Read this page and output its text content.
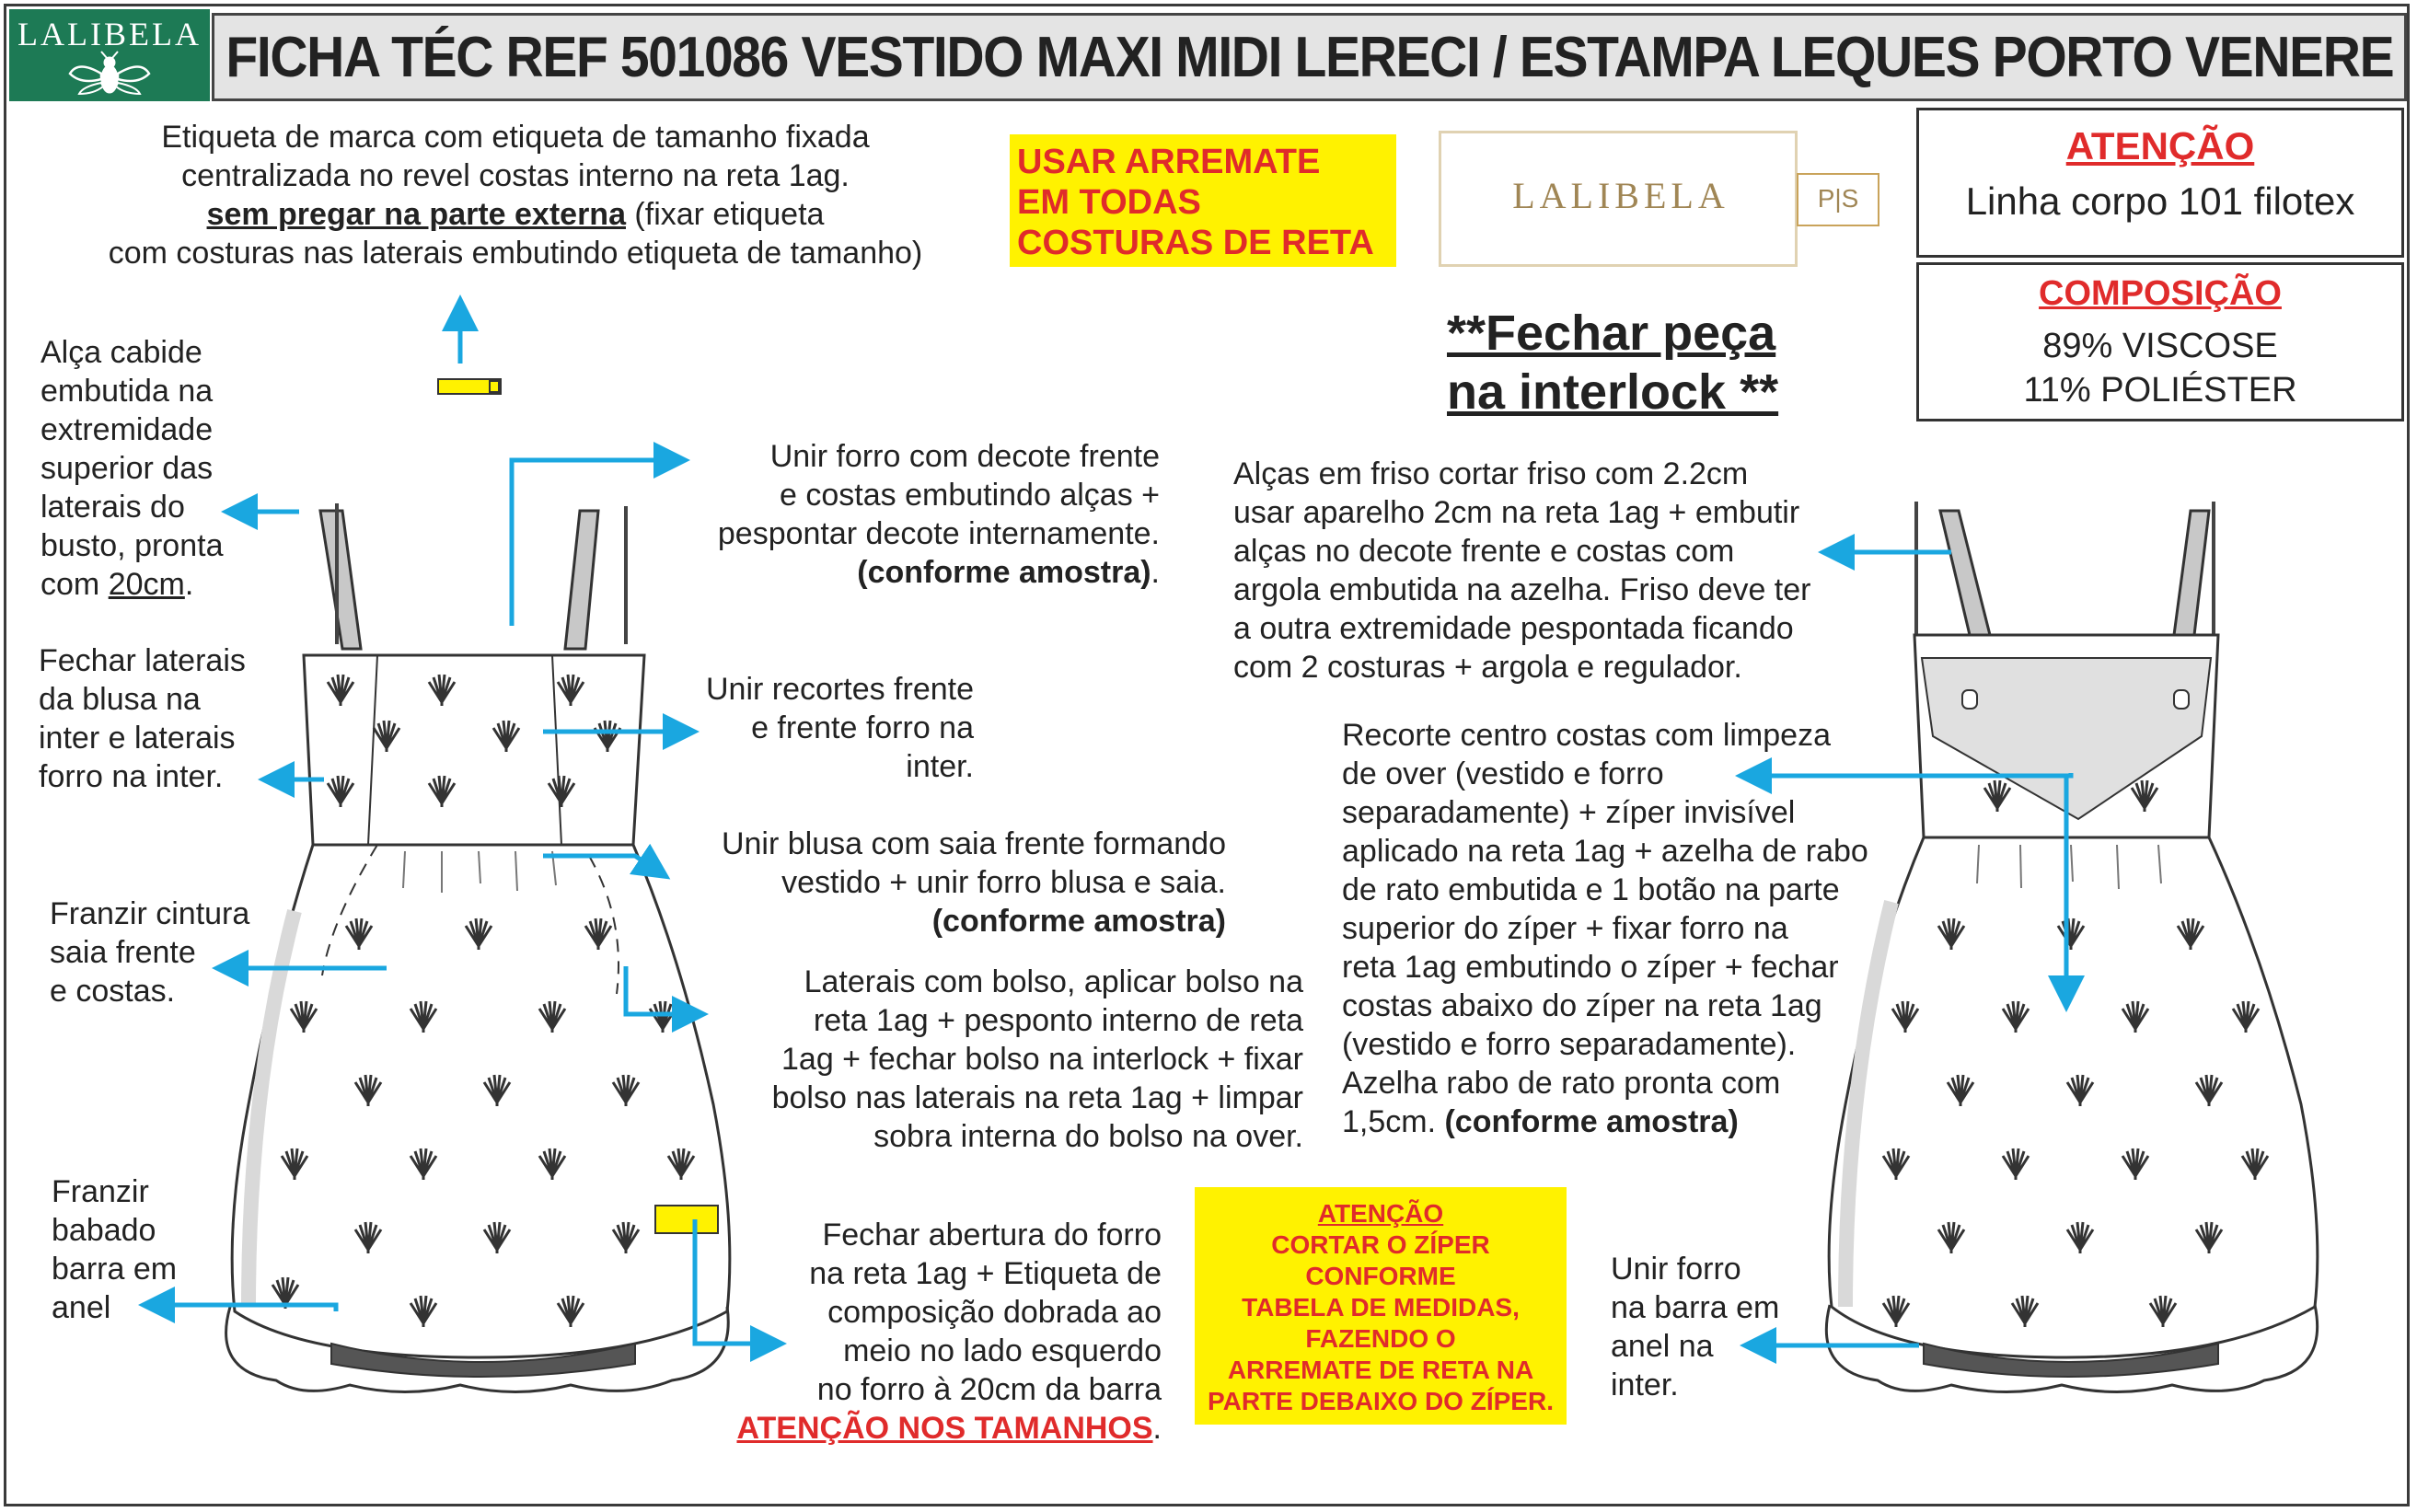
LALIBELA FICHA TÉC REF 501086 VESTIDO MAXI MIDI LERECI / ESTAMPA LEQUES PORTO VENERE
Etiqueta de marca com etiqueta de tamanho fixada
centralizada no revel costas interno na reta 1ag.
sem pregar na parte externa (fixar etiqueta
com costuras nas laterais embutindo etiqueta de tamanho)
USAR ARREMATE
EM TODAS
COSTURAS DE RETA
LALIBELA	P|S
**Fechar peça
na interlock **
ATENÇÃO
Linha corpo 101 filotex
COMPOSIÇÃO
89% VISCOSE
11% POLIÉSTER
Alça cabide
embutida na
extremidade
superior das
laterais do
busto, pronta
com 20cm.
Fechar laterais
da blusa na
inter e laterais
forro na inter.
Franzir cintura
saia frente
e costas.
Franzir
babado
barra em
anel
Unir forro com decote frente
e costas embutindo alças +
pespontar decote internamente.
(conforme amostra).
Unir recortes frente
e frente forro na
inter.
Unir blusa com saia frente formando
vestido + unir forro blusa e saia.
(conforme amostra)
Laterais com bolso, aplicar bolso na
reta 1ag + pesponto interno de reta
1ag + fechar bolso na interlock + fixar
bolso nas laterais na reta 1ag + limpar
sobra interna do bolso na over.
Fechar abertura do forro
na reta 1ag + Etiqueta de
composição dobrada ao
meio no lado esquerdo
no forro à 20cm da barra
ATENÇÃO NOS TAMANHOS.
ATENÇÃO
CORTAR O ZÍPER
CONFORME
TABELA DE MEDIDAS,
FAZENDO O
ARREMATE DE RETA NA
PARTE DEBAIXO DO ZÍPER.
Alças em friso cortar friso com 2.2cm
usar aparelho 2cm na reta 1ag + embutir
alças no decote frente e costas com
argola embutida na azelha. Friso deve ter
a outra extremidade pespontada ficando
com 2 costuras + argola e regulador.
Recorte centro costas com limpeza
de over (vestido e forro
separadamente) + zíper invisível
aplicado na reta 1ag + azelha de rabo
de rato embutida e 1 botão na parte
superior do zíper + fixar forro na
reta 1ag embutindo o zíper + fechar
costas abaixo do zíper na reta 1ag
(vestido e forro separadamente).
Azelha rabo de rato pronta com
1,5cm. (conforme amostra)
Unir forro
na barra em
anel na
inter.
